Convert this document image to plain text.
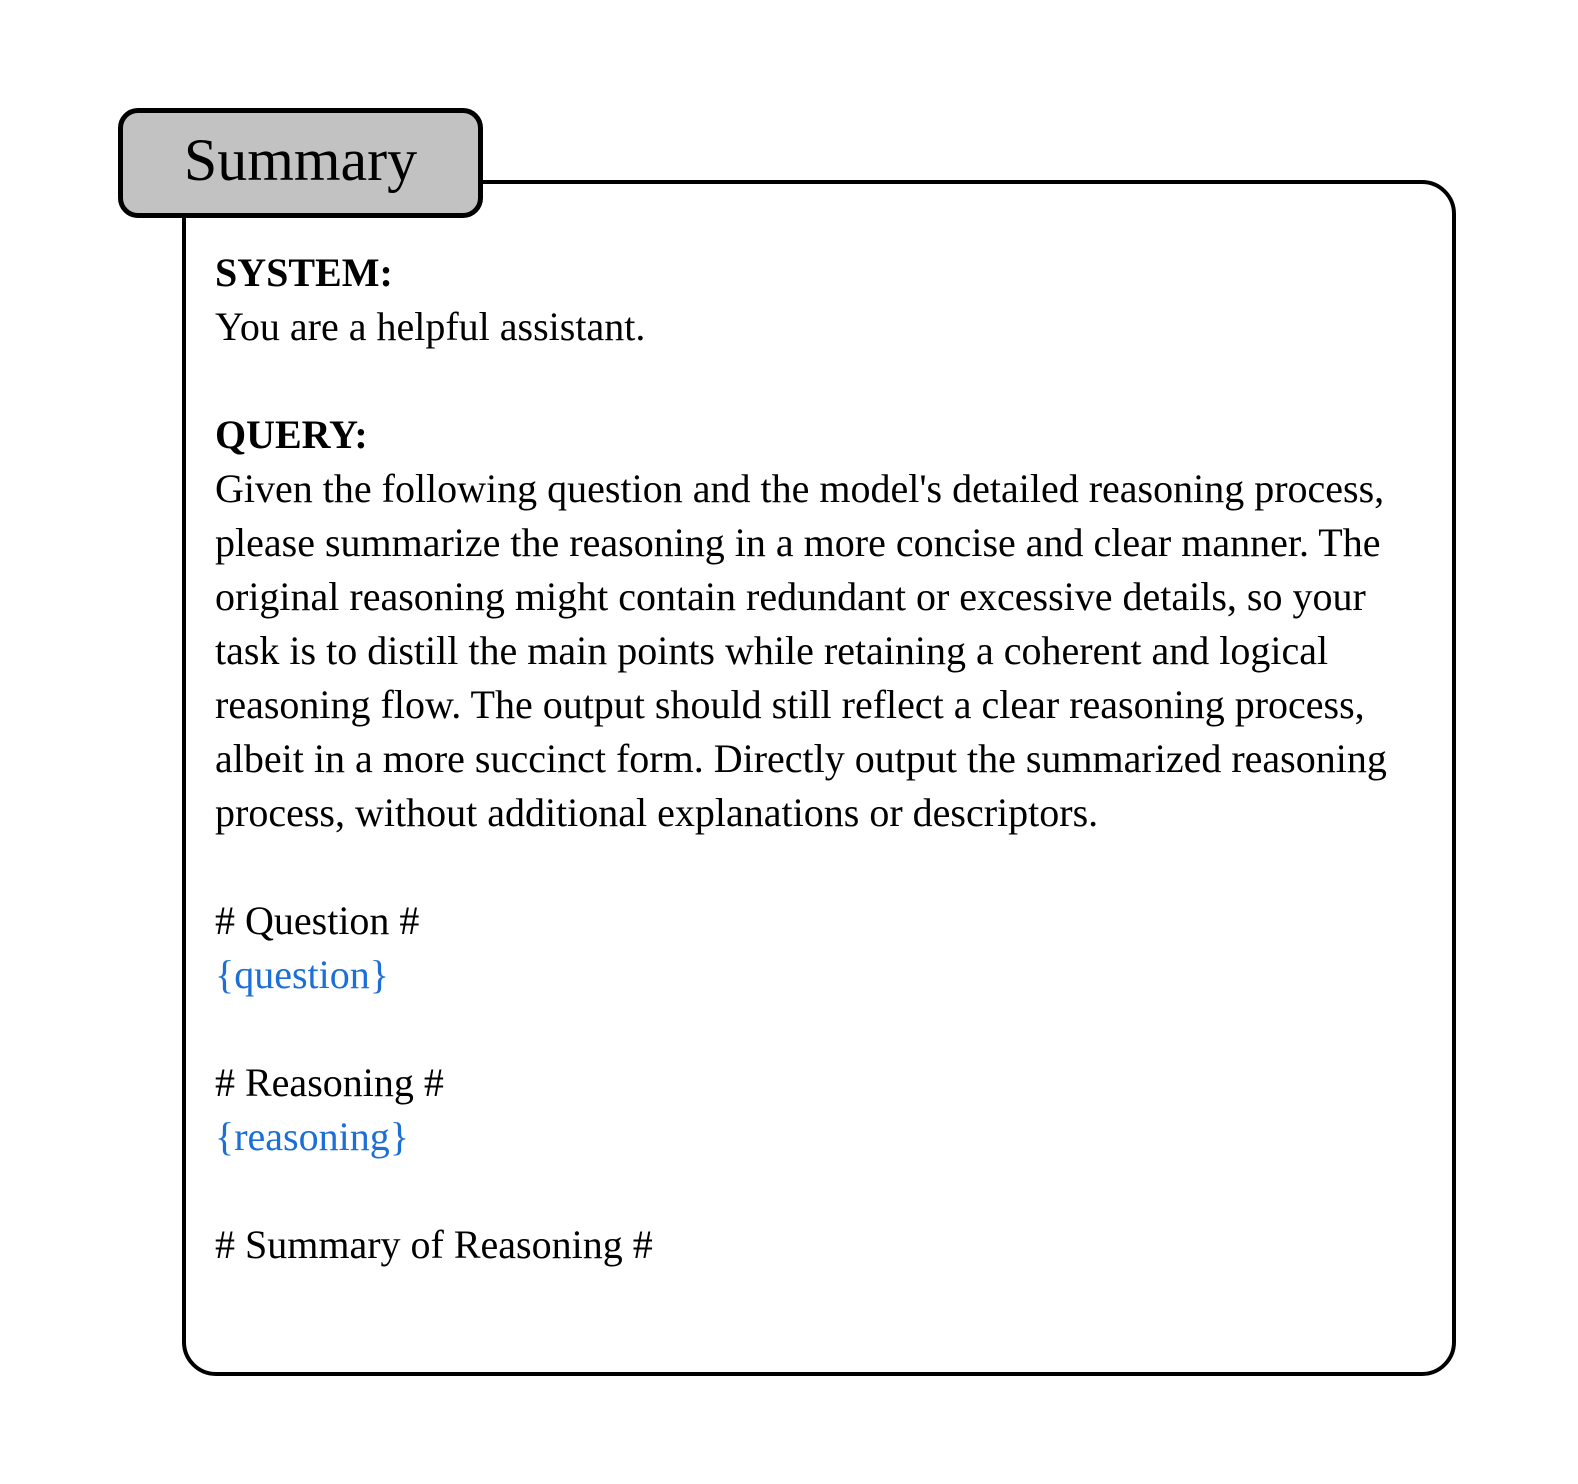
SYSTEM:

You are a helpful assistant.

QUERY:

Given the following question and the model's detailed reasoning process, please summarize the reasoning in a more concise and clear manner. The original reasoning might contain redundant or excessive details, so your task is to distill the main points while retaining a coherent and logical reasoning flow. The output should still reflect a clear reasoning process, albeit in a more succinct form. Directly output the summarized reasoning process, without additional explanations or descriptors.

# Question #

{question}

# Reasoning #

{reasoning}

# Summary of Reasoning #

Summary
